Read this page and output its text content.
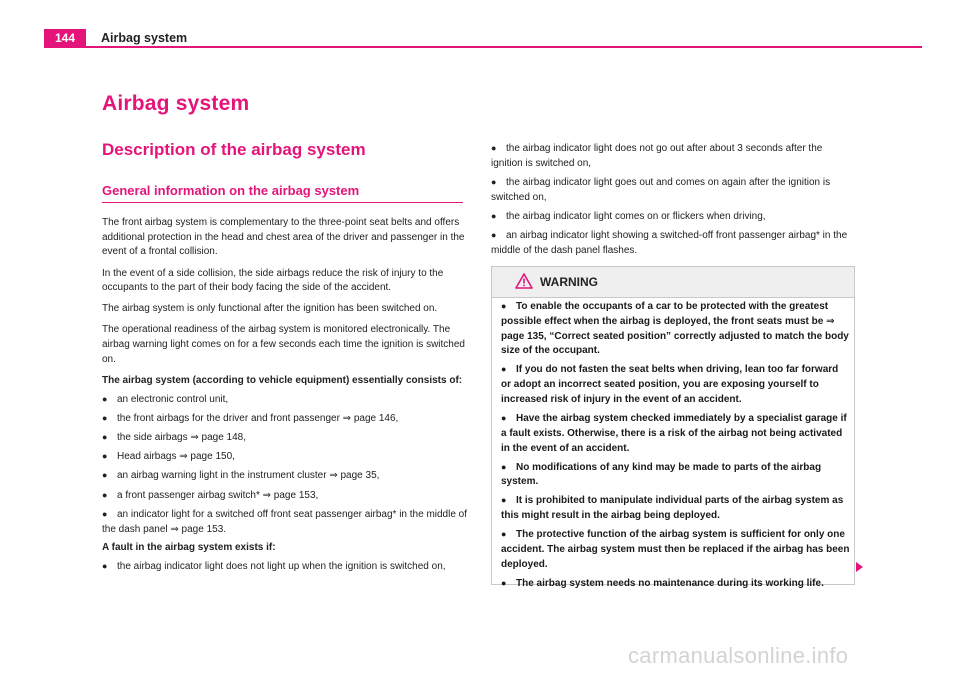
144	Airbag system
Airbag system
Description of the airbag system
General information on the airbag system

The front airbag system is complementary to the three-point seat belts and offers additional protection in the head and chest area of the driver and passenger in the event of a frontal collision.

In the event of a side collision, the side airbags reduce the risk of injury to the occupants to the part of their body facing the side of the accident.

The airbag system is only functional after the ignition has been switched on.

The operational readiness of the airbag system is monitored electronically. The airbag warning light comes on for a few seconds each time the ignition is switched on.

The airbag system (according to vehicle equipment) essentially consists of:

● an electronic control unit,
● the front airbags for the driver and front passenger ⇒ page 146,
● the side airbags ⇒ page 148,
● Head airbags ⇒ page 150,
● an airbag warning light in the instrument cluster ⇒ page 35,
● a front passenger airbag switch* ⇒ page 153,
● an indicator light for a switched off front seat passenger airbag* in the middle of the dash panel ⇒ page 153.

A fault in the airbag system exists if:

● the airbag indicator light does not light up when the ignition is switched on,
● the airbag indicator light does not go out after about 3 seconds after the ignition is switched on,
● the airbag indicator light goes out and comes on again after the ignition is switched on,
● the airbag indicator light comes on or flickers when driving,
● an airbag indicator light showing a switched-off front passenger airbag* in the middle of the dash panel flashes.
WARNING
● To enable the occupants of a car to be protected with the greatest possible effect when the airbag is deployed, the front seats must be ⇒ page 135, “Correct seated position” correctly adjusted to match the body size of the occupant.
● If you do not fasten the seat belts when driving, lean too far forward or adopt an incorrect seated position, you are exposing yourself to increased risk of injury in the event of an accident.
● Have the airbag system checked immediately by a specialist garage if a fault exists. Otherwise, there is a risk of the airbag not being activated in the event of an accident.
● No modifications of any kind may be made to parts of the airbag system.
● It is prohibited to manipulate individual parts of the airbag system as this might result in the airbag being deployed.
● The protective function of the airbag system is sufficient for only one accident. The airbag system must then be replaced if the airbag has been deployed.
● The airbag system needs no maintenance during its working life.
carmanualsonline.info
